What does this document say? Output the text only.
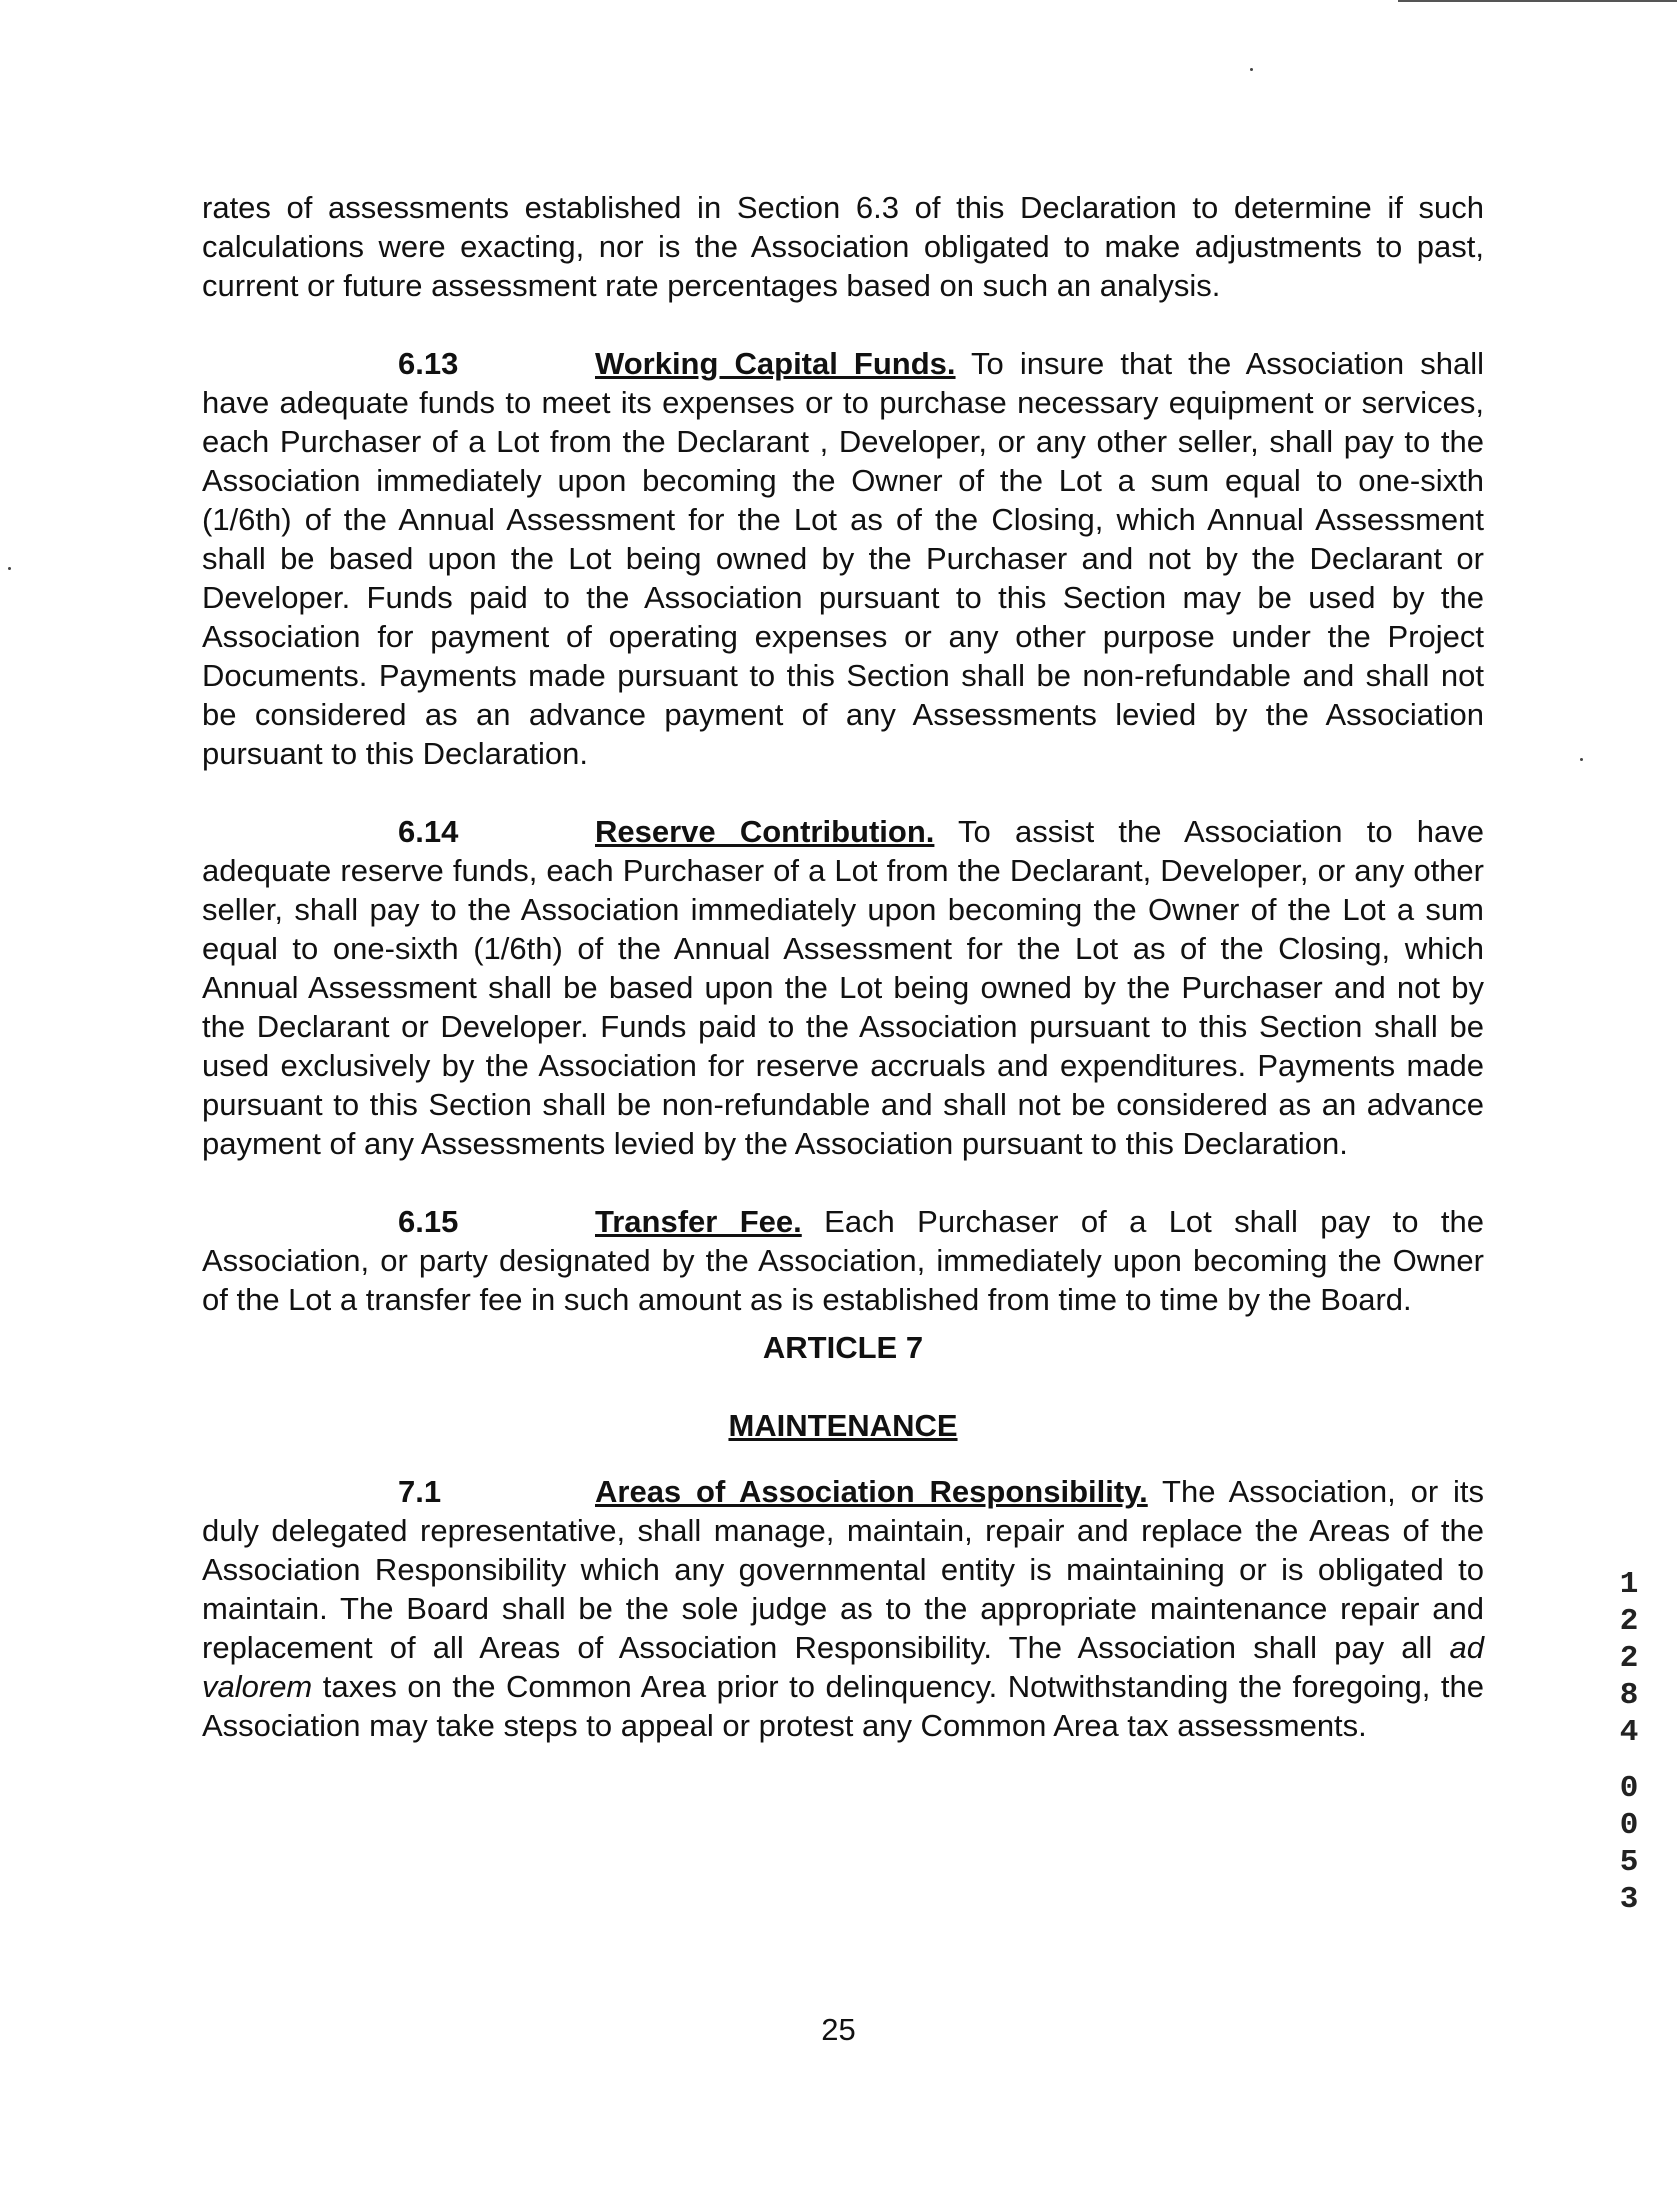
rates of assessments established in Section 6.3 of this Declaration to determine if such calculations were exacting, nor is the Association obligated to make adjustments to past, current or future assessment rate percentages based on such an analysis.

6.13	Working Capital Funds. To insure that the Association shall have adequate funds to meet its expenses or to purchase necessary equipment or services, each Purchaser of a Lot from the Declarant , Developer, or any other seller, shall pay to the Association immediately upon becoming the Owner of the Lot a sum equal to one-sixth (1/6th) of the Annual Assessment for the Lot as of the Closing, which Annual Assessment shall be based upon the Lot being owned by the Purchaser and not by the Declarant or Developer. Funds paid to the Association pursuant to this Section may be used by the Association for payment of operating expenses or any other purpose under the Project Documents. Payments made pursuant to this Section shall be non-refundable and shall not be considered as an advance payment of any Assessments levied by the Association pursuant to this Declaration.

6.14	Reserve Contribution. To assist the Association to have adequate reserve funds, each Purchaser of a Lot from the Declarant, Developer, or any other seller, shall pay to the Association immediately upon becoming the Owner of the Lot a sum equal to one-sixth (1/6th) of the Annual Assessment for the Lot as of the Closing, which Annual Assessment shall be based upon the Lot being owned by the Purchaser and not by the Declarant or Developer. Funds paid to the Association pursuant to this Section shall be used exclusively by the Association for reserve accruals and expenditures. Payments made pursuant to this Section shall be non-refundable and shall not be considered as an advance payment of any Assessments levied by the Association pursuant to this Declaration.

6.15	Transfer Fee. Each Purchaser of a Lot shall pay to the Association, or party designated by the Association, immediately upon becoming the Owner of the Lot a transfer fee in such amount as is established from time to time by the Board.

ARTICLE 7
MAINTENANCE

7.1	Areas of Association Responsibility. The Association, or its duly delegated representative, shall manage, maintain, repair and replace the Areas of the Association Responsibility which any governmental entity is maintaining or is obligated to maintain. The Board shall be the sole judge as to the appropriate maintenance repair and replacement of all Areas of Association Responsibility. The Association shall pay all ad valorem taxes on the Common Area prior to delinquency. Notwithstanding the foregoing, the Association may take steps to appeal or protest any Common Area tax assessments.

12284
0053
25
